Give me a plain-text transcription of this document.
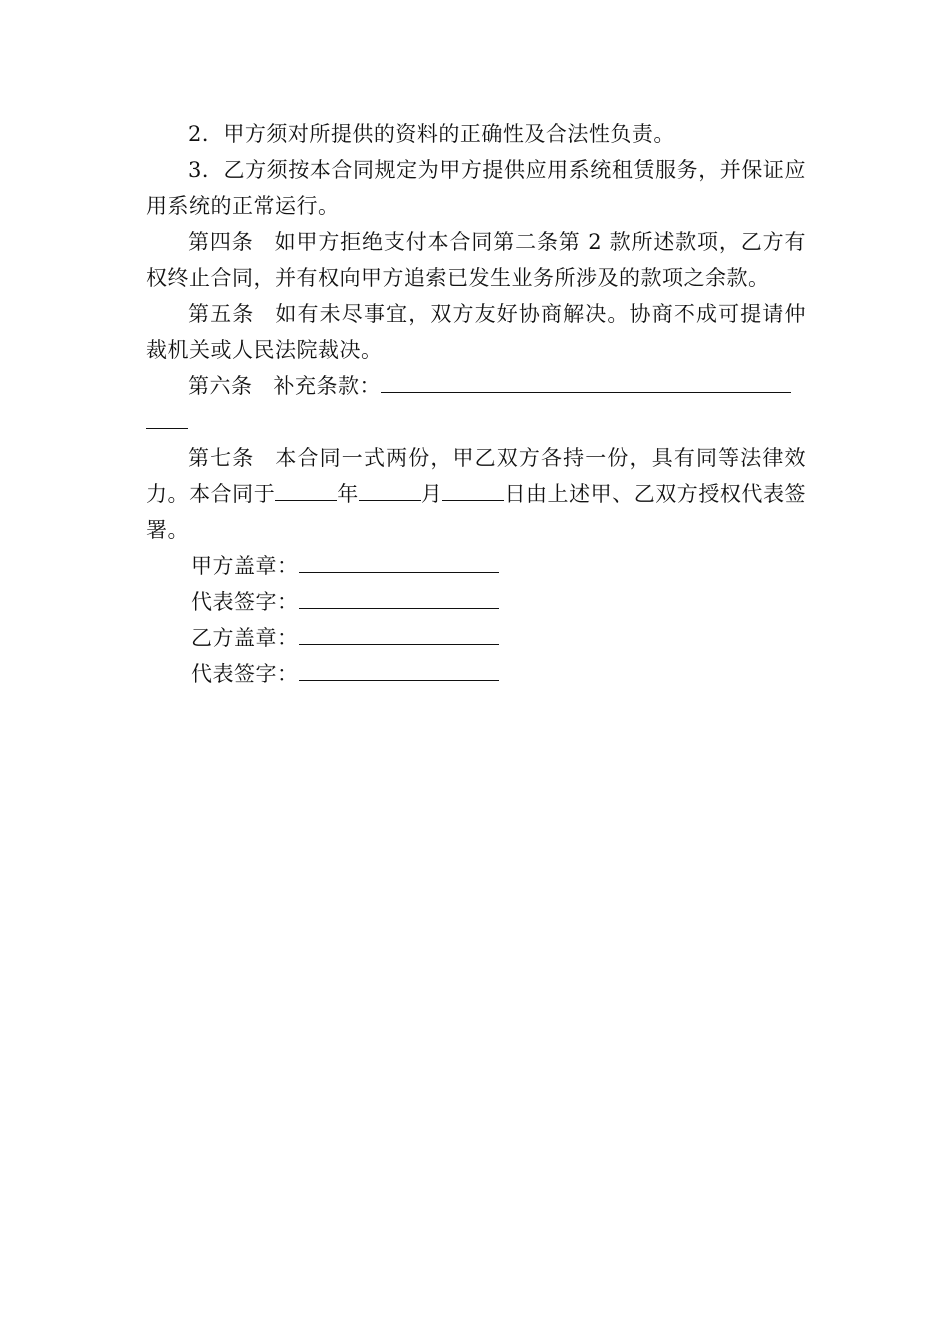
2．甲方须对所提供的资料的正确性及合法性负责。

3．乙方须按本合同规定为甲方提供应用系统租赁服务，并保证应用系统的正常运行。

第四条 如甲方拒绝支付本合同第二条第 2 款所述款项，乙方有权终止合同，并有权向甲方追索已发生业务所涉及的款项之余款。

第五条 如有未尽事宜，双方友好协商解决。协商不成可提请仲裁机关或人民法院裁决。

第六条 补充条款：

第七条 本合同一式两份，甲乙双方各持一份，具有同等法律效力。本合同于	年	月	日由上述甲、乙双方授权代表签署。

甲方盖章：

代表签字：

乙方盖章：

代表签字：
